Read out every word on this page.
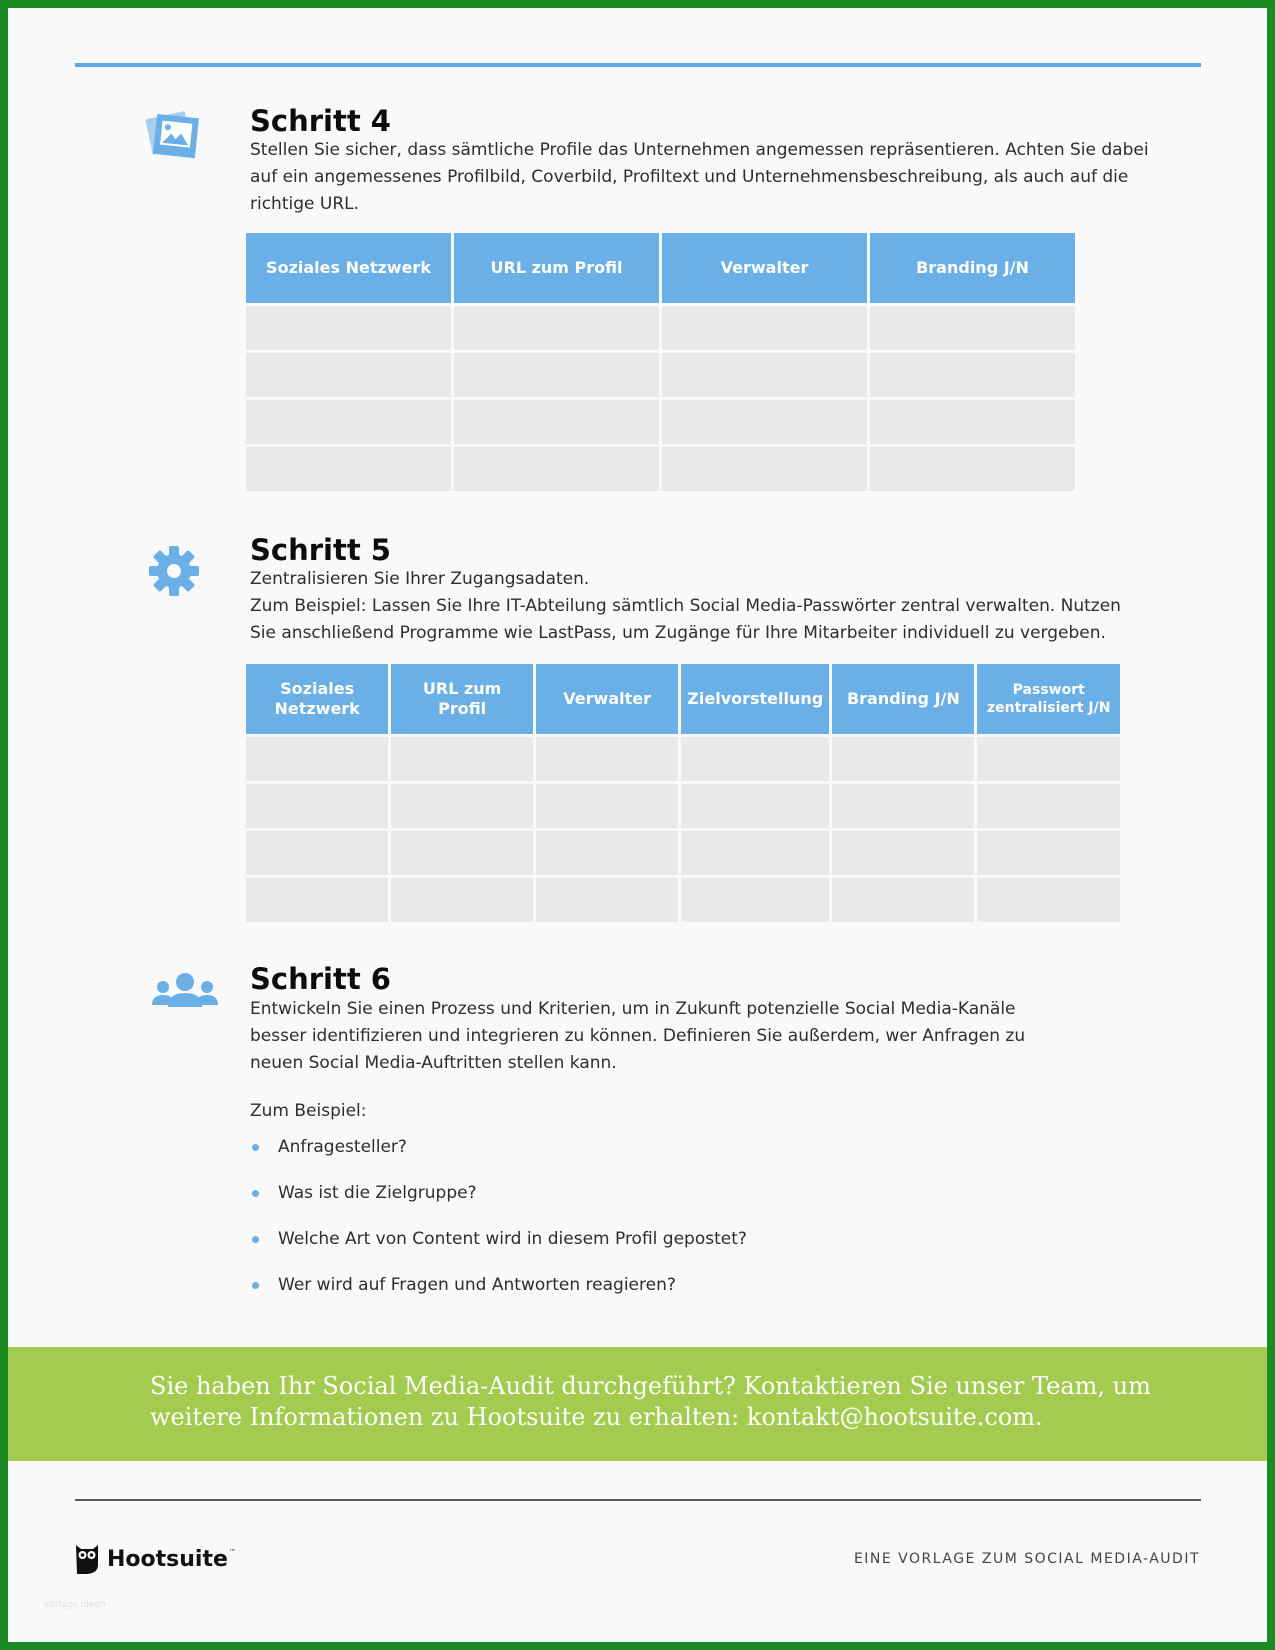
Schritt 4

Stellen Sie sicher, dass sämtliche Profile das Unternehmen angemessen repräsentieren. Achten Sie dabei auf ein angemessenes Profilbild, Coverbild, Profiltext und Unternehmensbeschreibung, als auch auf die richtige URL.

Soziales Netzwerk	URL zum Profil	Verwalter	Branding J/N

Schritt 5

Zentralisieren Sie Ihrer Zugangsadaten.

Zum Beispiel: Lassen Sie Ihre IT-Abteilung sämtlich Social Media-Passwörter zentral verwalten. Nutzen Sie anschließend Programme wie LastPass, um Zugänge für Ihre Mitarbeiter individuell zu vergeben.

Soziales Netzwerk	URL zum Profil	Verwalter	Zielvorstellung	Branding J/N	Passwort zentralisiert J/N

Schritt 6

Entwickeln Sie einen Prozess und Kriterien, um in Zukunft potenzielle Social Media-Kanäle besser identifizieren und integrieren zu können. Definieren Sie außerdem, wer Anfragen zu neuen Social Media-Auftritten stellen kann.

Zum Beispiel:
Anfragesteller?
Was ist die Zielgruppe?
Welche Art von Content wird in diesem Profil gepostet?
Wer wird auf Fragen und Antworten reagieren?

Sie haben Ihr Social Media-Audit durchgeführt? Kontaktieren Sie unser Team, um weitere Informationen zu Hootsuite zu erhalten: kontakt@hootsuite.com.

Hootsuite ™	EINE VORLAGE ZUM SOCIAL MEDIA-AUDIT
vorlage ideen
